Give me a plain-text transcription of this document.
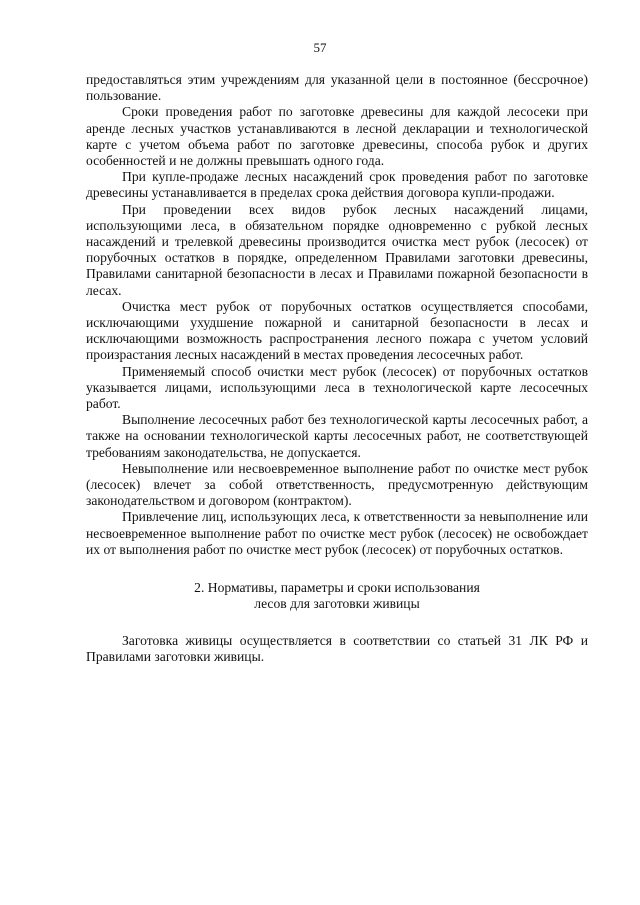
57

предоставляться этим учреждениям для указанной цели в постоянное (бессрочное) пользование.

Сроки проведения работ по заготовке древесины для каждой лесосеки при аренде лесных участков устанавливаются в лесной декларации и технологической карте с учетом объема работ по заготовке древесины, способа рубок и других особенностей и не должны превышать одного года.

При купле-продаже лесных насаждений срок проведения работ по заготовке древесины устанавливается в пределах срока действия договора купли-продажи.

При проведении всех видов рубок лесных насаждений лицами, использующими леса, в обязательном порядке одновременно с рубкой лесных насаждений и трелевкой древесины производится очистка мест рубок (лесосек) от порубочных остатков в порядке, определенном Правилами заготовки древесины, Правилами санитарной безопасности в лесах и Правилами пожарной безопасности в лесах.

Очистка мест рубок от порубочных остатков осуществляется способами, исключающими ухудшение пожарной и санитарной безопасности в лесах и исключающими возможность распространения лесного пожара с учетом условий произрастания лесных насаждений в местах проведения лесосечных работ.

Применяемый способ очистки мест рубок (лесосек) от порубочных остатков указывается лицами, использующими леса в технологической карте лесосечных работ.

Выполнение лесосечных работ без технологической карты лесосечных работ, а также на основании технологической карты лесосечных работ, не соответствующей требованиям законодательства, не допускается.

Невыполнение или несвоевременное выполнение работ по очистке мест рубок (лесосек) влечет за собой ответственность, предусмотренную действующим законодательством и договором (контрактом).

Привлечение лиц, использующих леса, к ответственности за невыполнение или несвоевременное выполнение работ по очистке мест рубок (лесосек) не освобождает их от выполнения работ по очистке мест рубок (лесосек) от порубочных остатков.

2. Нормативы, параметры и сроки использования
лесов для заготовки живицы

Заготовка живицы осуществляется в соответствии со статьей 31 ЛК РФ и Правилами заготовки живицы.
